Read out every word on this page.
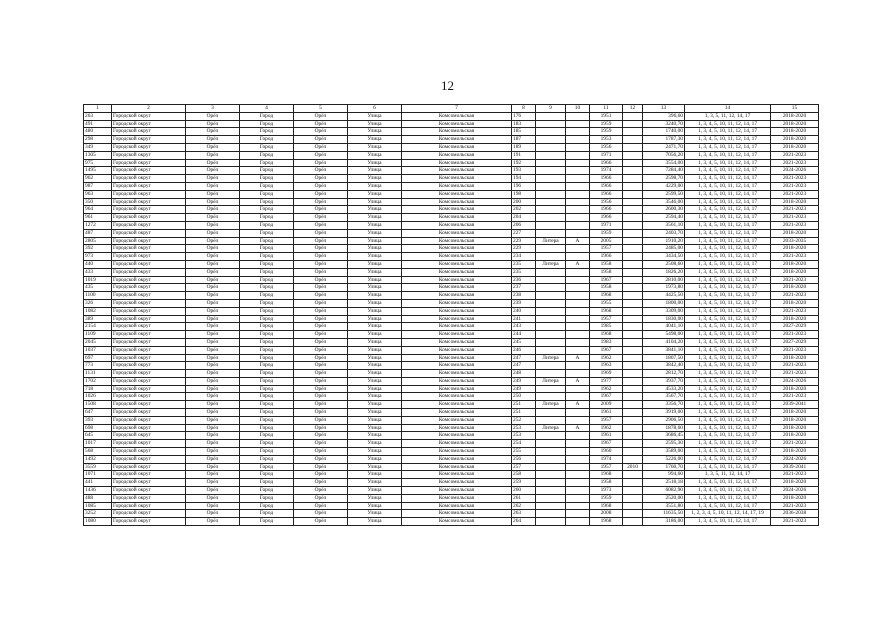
12
1	2	3	4	5	6	7	8	9	10	11	12	13	14	15
263	Городской округ	Орёл	Город	Орёл	Улица	Комсомольская	176			1951		396,60	1, 3, 5, 11, 12, 14, 17	2018-2020
491	Городской округ	Орёл	Город	Орёл	Улица	Комсомольская	183			1959		3240,70	1, 3, 4, 5, 10, 11, 12, 14, 17	2018-2020
480	Городской округ	Орёл	Город	Орёл	Улица	Комсомольская	185			1959		1740,00	1, 3, 4, 5, 10, 11, 12, 14, 17	2018-2020
298	Городской округ	Орёл	Город	Орёл	Улица	Комсомольская	187			1953		1787,30	1, 3, 4, 5, 10, 11, 12, 14, 17	2018-2020
349	Городской округ	Орёл	Город	Орёл	Улица	Комсомольская	189			1956		2471,70	1, 3, 4, 5, 10, 11, 12, 14, 17	2018-2020
1305	Городской округ	Орёл	Город	Орёл	Улица	Комсомольская	191			1971		7056,20	1, 3, 4, 5, 10, 11, 12, 14, 17	2021-2023
975	Городской округ	Орёл	Город	Орёл	Улица	Комсомольская	192			1966		3554,00	1, 3, 4, 5, 10, 11, 12, 14, 17	2021-2023
1495	Городской округ	Орёл	Город	Орёл	Улица	Комсомольская	193			1974		7284,40	1, 3, 4, 5, 10, 11, 12, 14, 17	2024-2026
962	Городской округ	Орёл	Город	Орёл	Улица	Комсомольская	194			1966		2598,70	1, 3, 4, 5, 10, 11, 12, 14, 17	2021-2023
987	Городской округ	Орёл	Город	Орёл	Улица	Комсомольская	196			1966		4229,00	1, 3, 4, 5, 10, 11, 12, 14, 17	2021-2023
963	Городской округ	Орёл	Город	Орёл	Улица	Комсомольская	198			1966		2599,50	1, 3, 4, 5, 10, 11, 12, 14, 17	2021-2023
350	Городской округ	Орёл	Город	Орёл	Улица	Комсомольская	200			1956		3546,00	1, 3, 4, 5, 10, 11, 12, 14, 17	2018-2020
964	Городской округ	Орёл	Город	Орёл	Улица	Комсомольская	202			1966		2600,30	1, 3, 4, 5, 10, 11, 12, 14, 17	2021-2023
961	Городской округ	Орёл	Город	Орёл	Улица	Комсомольская	204			1966		2594,40	1, 3, 4, 5, 10, 11, 12, 14, 17	2021-2023
1272	Городской округ	Орёл	Город	Орёл	Улица	Комсомольская	206			1971		3561,10	1, 3, 4, 5, 10, 11, 12, 14, 17	2021-2023
487	Городской округ	Орёл	Город	Орёл	Улица	Комсомольская	227			1959		2403,70	1, 3, 4, 5, 10, 11, 12, 14, 17	2018-2020
2805	Городской округ	Орёл	Город	Орёл	Улица	Комсомольская	229	Литера	А	2005		1910,20	1, 3, 4, 5, 10, 11, 12, 14, 17	2033-2035
392	Городской округ	Орёл	Город	Орёл	Улица	Комсомольская	229			1957		2485,00	1, 3, 4, 5, 10, 11, 12, 14, 17	2018-2020
973	Городской округ	Орёл	Город	Орёл	Улица	Комсомольская	234			1966		3434,50	1, 3, 4, 5, 10, 11, 12, 14, 17	2021-2023
440	Городской округ	Орёл	Город	Орёл	Улица	Комсомольская	235	Литера	А	1958		2508,60	1, 3, 4, 5, 10, 11, 12, 14, 17	2018-2020
433	Городской округ	Орёл	Город	Орёл	Улица	Комсомольская	235			1958		1826,20	1, 3, 4, 5, 10, 11, 12, 14, 17	2018-2020
1019	Городской округ	Орёл	Город	Орёл	Улица	Комсомольская	236			1967		2810,00	1, 3, 4, 5, 10, 11, 12, 14, 17	2021-2023
435	Городской округ	Орёл	Город	Орёл	Улица	Комсомольская	237			1958		1973,80	1, 3, 4, 5, 10, 11, 12, 14, 17	2018-2020
1100	Городской округ	Орёл	Город	Орёл	Улица	Комсомольская	238			1968		4425,50	1, 3, 4, 5, 10, 11, 12, 14, 17	2021-2023
326	Городской округ	Орёл	Город	Орёл	Улица	Комсомольская	239			1955		1800,00	1, 3, 4, 5, 10, 11, 12, 14, 17	2018-2020
1082	Городской округ	Орёл	Город	Орёл	Улица	Комсомольская	240			1968		3309,00	1, 3, 4, 5, 10, 11, 12, 14, 17	2021-2023
389	Городской округ	Орёл	Город	Орёл	Улица	Комсомольская	241			1957		1830,00	1, 3, 4, 5, 10, 11, 12, 14, 17	2018-2020
2154	Городской округ	Орёл	Город	Орёл	Улица	Комсомольская	243			1985		4041,10	1, 3, 4, 5, 10, 11, 12, 14, 17	2027-2029
1109	Городской округ	Орёл	Город	Орёл	Улица	Комсомольская	244			1968		5498,00	1, 3, 4, 5, 10, 11, 12, 14, 17	2021-2023
2045	Городской округ	Орёл	Город	Орёл	Улица	Комсомольская	245			1983		4104,20	1, 3, 4, 5, 10, 11, 12, 14, 17	2027-2029
1037	Городской округ	Орёл	Город	Орёл	Улица	Комсомольская	246			1967		3841,10	1, 3, 4, 5, 10, 11, 12, 14, 17	2021-2023
697	Городской округ	Орёл	Город	Орёл	Улица	Комсомольская	247	Литера	А	1962		1807,50	1, 3, 4, 5, 10, 11, 12, 14, 17	2018-2020
773	Городской округ	Орёл	Город	Орёл	Улица	Комсомольская	247			1963		3842,40	1, 3, 4, 5, 10, 11, 12, 14, 17	2021-2023
1131	Городской округ	Орёл	Город	Орёл	Улица	Комсомольская	248			1969		2812,70	1, 3, 4, 5, 10, 11, 12, 14, 17	2021-2023
1702	Городской округ	Орёл	Город	Орёл	Улица	Комсомольская	249	Литера	А	1977		3937,70	1, 3, 4, 5, 10, 11, 12, 14, 17	2024-2026
718	Городской округ	Орёл	Город	Орёл	Улица	Комсомольская	249			1962		4533,20	1, 3, 4, 5, 10, 11, 12, 14, 17	2018-2020
1026	Городской округ	Орёл	Город	Орёл	Улица	Комсомольская	250			1967		3567,70	1, 3, 4, 5, 10, 11, 12, 14, 17	2021-2023
1508	Городской округ	Орёл	Город	Орёл	Улица	Комсомольская	251	Литера	А	2009		3356,70	1, 3, 4, 5, 10, 11, 12, 14, 17	2039-2041
647	Городской округ	Орёл	Город	Орёл	Улица	Комсомольская	251			1961		3919,00	1, 3, 4, 5, 10, 11, 12, 14, 17	2018-2020
393	Городской округ	Орёл	Город	Орёл	Улица	Комсомольская	252			1957		2906,50	1, 3, 4, 5, 10, 11, 12, 14, 17	2018-2020
698	Городской округ	Орёл	Город	Орёл	Улица	Комсомольская	253	Литера	А	1962		1878,60	1, 3, 4, 5, 10, 11, 12, 14, 17	2018-2020
645	Городской округ	Орёл	Город	Орёл	Улица	Комсомольская	253			1961		3686,45	1, 3, 4, 5, 10, 11, 12, 14, 17	2018-2020
1017	Городской округ	Орёл	Город	Орёл	Улица	Комсомольская	254			1967		2595,30	1, 3, 4, 5, 10, 11, 12, 14, 17	2021-2023
568	Городской округ	Орёл	Город	Орёл	Улица	Комсомольская	255			1960		3589,00	1, 3, 4, 5, 10, 11, 12, 14, 17	2018-2020
1492	Городской округ	Орёл	Город	Орёл	Улица	Комсомольская	256			1974		5226,00	1, 3, 4, 5, 10, 11, 12, 14, 17	2024-2026
3559	Городской округ	Орёл	Город	Орёл	Улица	Комсомольская	257			1957	2010	1760,70	1, 3, 4, 5, 10, 11, 12, 14, 17	2039-2041
1071	Городской округ	Орёл	Город	Орёл	Улица	Комсомольская	258			1968		994,60	1, 3, 5, 11, 12, 14, 17	2021-2023
441	Городской округ	Орёл	Город	Орёл	Улица	Комсомольская	259			1958		2518,18	1, 3, 4, 5, 10, 11, 12, 14, 17	2018-2020
1436	Городской округ	Орёл	Город	Орёл	Улица	Комсомольская	260			1973		6082,90	1, 3, 4, 5, 10, 11, 12, 14, 17	2024-2026
488	Городской округ	Орёл	Город	Орёл	Улица	Комсомольская	261			1959		2520,00	1, 3, 4, 5, 10, 11, 12, 14, 17	2018-2020
1085	Городской округ	Орёл	Город	Орёл	Улица	Комсомольская	262			1968		3551,80	1, 3, 4, 5, 10, 11, 12, 14, 17	2021-2023
3252	Городской округ	Орёл	Город	Орёл	Улица	Комсомольская	263			2008		11635,50	1, 2, 3, 4, 5, 10, 11, 12, 14, 17, 19	2036-2038
1080	Городской округ	Орёл	Город	Орёл	Улица	Комсомольская	264			1968		3186,00	1, 3, 4, 5, 10, 11, 12, 14, 17	2021-2023
